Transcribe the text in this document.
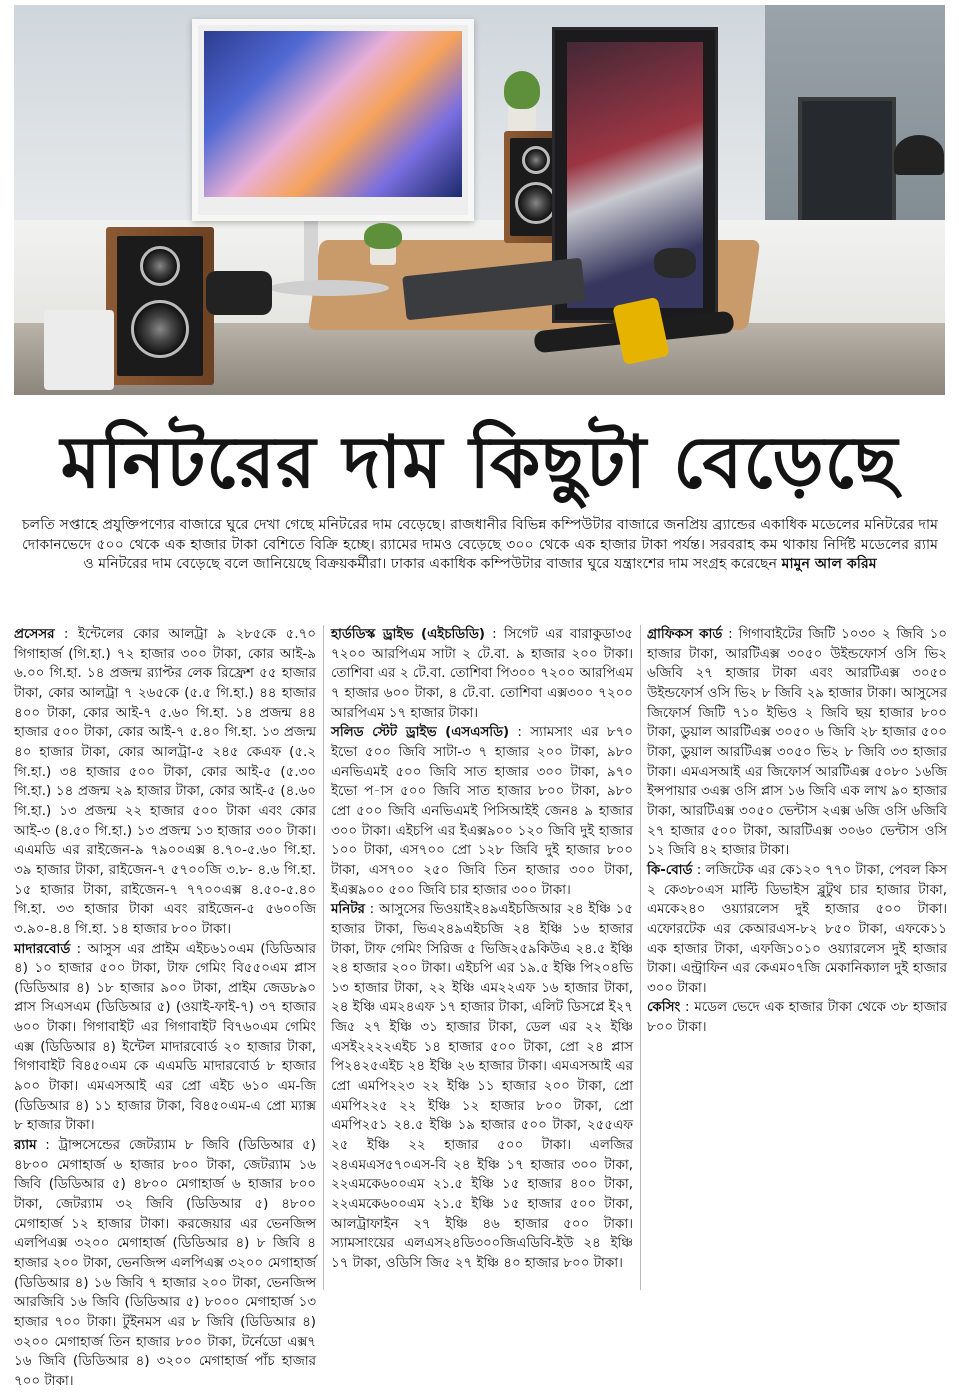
মনিটরের দাম কিছুটা বেড়েছে
চলতি সপ্তাহে প্রযুক্তিপণ্যের বাজারে ঘুরে দেখা গেছে মনিটরের দাম বেড়েছে। রাজধানীর বিভিন্ন কম্পিউটার বাজারে জনপ্রিয় ব্র্যান্ডের একাধিক মডেলের মনিটরের দাম দোকানভেদে ৫০০ থেকে এক হাজার টাকা বেশিতে বিক্রি হচ্ছে। র‌্যামের দামও বেড়েছে ৩০০ থেকে এক হাজার টাকা পর্যন্ত। সরবরাহ কম থাকায় নির্দিষ্ট মডেলের র‌্যাম ও মনিটরের দাম বেড়েছে বলে জানিয়েছে বিক্রয়কর্মীরা। ঢাকার একাধিক কম্পিউটার বাজার ঘুরে যন্ত্রাংশের দাম সংগ্রহ করেছেন মামুন আল করিম

প্রসেসর : ইন্টেলের কোর আলট্রা ৯ ২৮৫কে ৫.৭০ গিগাহার্জ (গি.হা.) ৭২ হাজার ৩০০ টাকা, কোর আই-৯ ৬.০০ গি.হা. ১৪ প্রজন্ম র‌্যাপ্টর লেক রিফ্রেশ ৫৫ হাজার টাকা, কোর আলট্রা ৭ ২৬৫কে (৫.৫ গি.হা.) ৪৪ হাজার ৪০০ টাকা, কোর আই-৭ ৫.৬০ গি.হা. ১৪ প্রজন্ম ৪৪ হাজার ৫০০ টাকা, কোর আই-৭ ৫.৪০ গি.হা. ১৩ প্রজন্ম ৪০ হাজার টাকা, কোর আলট্রা-৫ ২৪৫ কেএফ (৫.২ গি.হা.) ৩৪ হাজার ৫০০ টাকা, কোর আই-৫ (৫.৩০ গি.হা.) ১৪ প্রজন্ম ২৯ হাজার টাকা, কোর আই-৫ (৪.৬০ গি.হা.) ১৩ প্রজন্ম ২২ হাজার ৫০০ টাকা এবং কোর আই-৩ (৪.৫০ গি.হা.) ১৩ প্রজন্ম ১৩ হাজার ৩০০ টাকা। এএমডি এর রাইজেন-৯ ৭৯০০এক্স ৪.৭০-৫.৬০ গি.হা. ৩৯ হাজার টাকা, রাইজেন-৭ ৫৭০০জি ৩.৮- ৪.৬ গি.হা. ১৫ হাজার টাকা, রাইজেন-৭ ৭৭০০এক্স ৪.৫০-৫.৪০ গি.হা. ৩৩ হাজার টাকা এবং রাইজেন-৫ ৫৬০০জি ৩.৯০-৪.৪ গি.হা. ১৪ হাজার ৮০০ টাকা।

মাদারবোর্ড : আসুস এর প্রাইম এইচ৬১০এম (ডিডিআর ৪) ১০ হাজার ৫০০ টাকা, টাফ গেমিং বি৫৫০এম প্লাস (ডিডিআর ৪) ১৮ হাজার ৯০০ টাকা, প্রাইম জেড৮৯০ প্লাস সিএসএম (ডিডিআর ৫) (ওয়াই-ফাই-৭) ৩৭ হাজার ৬০০ টাকা। গিগাবাইট এর গিগাবাইট বি৭৬০এম গেমিং এক্স (ডিডিআর ৪) ইন্টেল মাদারবোর্ড ২০ হাজার টাকা, গিগাবাইট বি৪৫০এম কে এএমডি মাদারবোর্ড ৮ হাজার ৯০০ টাকা। এমএসআই এর প্রো এইচ ৬১০ এম-জি (ডিডিআর ৪) ১১ হাজার টাকা, বি৪৫০এম-এ প্রো ম্যাক্স ৮ হাজার টাকা।

র‌্যাম : ট্রান্সসেন্ডের জেটর‌্যাম ৮ জিবি (ডিডিআর ৫) ৪৮০০ মেগাহার্জ ৬ হাজার ৮০০ টাকা, জেটর‌্যাম ১৬ জিবি (ডিডিআর ৫) ৪৮০০ মেগাহার্জ ৬ হাজার ৮০০ টাকা, জেটর‌্যাম ৩২ জিবি (ডিডিআর ৫) ৪৮০০ মেগাহার্জ ১২ হাজার টাকা। করজেয়ার এর ভেনজিন্স এলপিএক্স ৩২০০ মেগাহার্জ (ডিডিআর ৪) ৮ জিবি ৪ হাজার ২০০ টাকা, ভেনজিন্স এলপিএক্স ৩২০০ মেগাহার্জ (ডিডিআর ৪) ১৬ জিবি ৭ হাজার ২০০ টাকা, ভেনজিন্স আরজিবি ১৬ জিবি (ডিডিআর ৫) ৮০০০ মেগাহার্জ ১৩ হাজার ৭০০ টাকা। টুইনমস এর ৮ জিবি (ডিডিআর ৪) ৩২০০ মেগাহার্জ তিন হাজার ৮০০ টাকা, টর্নেডো এক্স৭ ১৬ জিবি (ডিডিআর ৪) ৩২০০ মেগাহার্জ পাঁচ হাজার ৭০০ টাকা।

হার্ডডিস্ক ড্রাইভ (এইচডিডি) : সিগেট এর বারাকুডা৩৫ ৭২০০ আরপিএম সাটা ২ টে.বা. ৯ হাজার ২০০ টাকা। তোশিবা এর ২ টে.বা. তোশিবা পি৩০০ ৭২০০ আরপিএম ৭ হাজার ৬০০ টাকা, ৪ টে.বা. তোশিবা এক্স৩০০ ৭২০০ আরপিএম ১৭ হাজার টাকা।

সলিড স্টেট ড্রাইভ (এসএসডি) : স্যামসাং এর ৮৭০ ইভো ৫০০ জিবি সাটা-৩ ৭ হাজার ২০০ টাকা, ৯৮০ এনভিএমই ৫০০ জিবি সাত হাজার ৩০০ টাকা, ৯৭০ ইভো প-াস ৫০০ জিবি সাত হাজার ৮০০ টাকা, ৯৮০ প্রো ৫০০ জিবি এনভিএমই পিসিআইই জেন৪ ৯ হাজার ৩০০ টাকা। এইচপি এর ইএক্স৯০০ ১২০ জিবি দুই হাজার ১০০ টাকা, এস৭০০ প্রো ১২৮ জিবি দুই হাজার ৮০০ টাকা, এস৭০০ ২৫০ জিবি তিন হাজার ৩০০ টাকা, ইএক্স৯০০ ৫০০ জিবি চার হাজার ৩০০ টাকা।

মনিটর : আসুসের ভিওয়াই২৪৯এইচজিআর ২৪ ইঞ্চি ১৫ হাজার টাকা, ভিএ২৪৯এইচজি ২৪ ইঞ্চি ১৬ হাজার টাকা, টাফ গেমিং সিরিজ ৫ ভিজি২৫৯কিউএ ২৪.৫ ইঞ্চি ২৪ হাজার ২০০ টাকা। এইচপি এর ১৯.৫ ইঞ্চি পি২০৪ভি ১৩ হাজার টাকা, ২২ ইঞ্চি এম২২এফ ১৬ হাজার টাকা, ২৪ ইঞ্চি এম২৪এফ ১৭ হাজার টাকা, এলিট ডিসপ্লে ই২৭ জি৫ ২৭ ইঞ্চি ৩১ হাজার টাকা, ডেল এর ২২ ইঞ্চি এসই২২২২এইচ ১৪ হাজার ৫০০ টাকা, প্রো ২৪ প্লাস পি২৪২৫এইচ ২৪ ইঞ্চি ২৬ হাজার টাকা। এমএসআই এর প্রো এমপি২২৩ ২২ ইঞ্চি ১১ হাজার ২০০ টাকা, প্রো এমপি২২৫ ২২ ইঞ্চি ১২ হাজার ৮০০ টাকা, প্রো এমপি২৫১ ২৪.৫ ইঞ্চি ১৯ হাজার ৫০০ টাকা, ২৫৫এফ ২৫ ইঞ্চি ২২ হাজার ৫০০ টাকা। এলজির ২৪এমএস৫৭০এস-বি ২৪ ইঞ্চি ১৭ হাজার ৩০০ টাকা, ২২এমকে৬০০এম ২১.৫ ইঞ্চি ১৫ হাজার ৪০০ টাকা, ২২এমকে৬০০এম ২১.৫ ইঞ্চি ১৫ হাজার ৫০০ টাকা, আলট্রাফাইন ২৭ ইঞ্চি ৪৬ হাজার ৫০০ টাকা। স্যামসাংয়ের এলএস২৪ডি৩০০জিএডিবি-ইউ ২৪ ইঞ্চি ১৭ টাকা, ওডিসি জি৫ ২৭ ইঞ্চি ৪০ হাজার ৮০০ টাকা।

গ্রাফিকস কার্ড : গিগাবাইটের জিটি ১০৩০ ২ জিবি ১০ হাজার টাকা, আরটিএক্স ৩০৫০ উইন্ডফোর্স ওসি ভি২ ৬জিবি ২৭ হাজার টাকা এবং আরটিএক্স ৩০৫০ উইন্ডফোর্স ওসি ভি২ ৮ জিবি ২৯ হাজার টাকা। আসুসের জিফোর্স জিটি ৭১০ ইভিও ২ জিবি ছয় হাজার ৮০০ টাকা, ডুয়াল আরটিএক্স ৩০৫০ ৬ জিবি ২৮ হাজার ৫০০ টাকা, ডুয়াল আরটিএক্স ৩০৫০ ভি২ ৮ জিবি ৩৩ হাজার টাকা। এমএসআই এর জিফোর্স আরটিএক্স ৫০৮০ ১৬জি ইন্সপায়ার ৩এক্স ওসি প্লাস ১৬ জিবি এক লাখ ৯০ হাজার টাকা, আরটিএক্স ৩০৫০ ভেন্টাস ২এক্স ৬জি ওসি ৬জিবি ২৭ হাজার ৫০০ টাকা, আরটিএক্স ৩০৬০ ভেন্টাস ওসি ১২ জিবি ৪২ হাজার টাকা।

কি-বোর্ড : লজিটেক এর কে১২০ ৭৭০ টাকা, পেবল কিস ২ কে৩৮০এস মাল্টি ডিভাইস ব্লুটুথ চার হাজার টাকা, এমকে২৪০ ওয়্যারলেস দুই হাজার ৫০০ টাকা। এফোরটেক এর কেআরএস-৮২ ৮৫০ টাকা, এফকে১১ এক হাজার টাকা, এফজি১০১০ ওয়্যারলেস দুই হাজার টাকা। এন্ট্রাফিন এর কেএম০৭জি মেকানিক্যাল দুই হাজার ৩০০ টাকা।

কেসিং : মডেল ভেদে এক হাজার টাকা থেকে ৩৮ হাজার ৮০০ টাকা।
